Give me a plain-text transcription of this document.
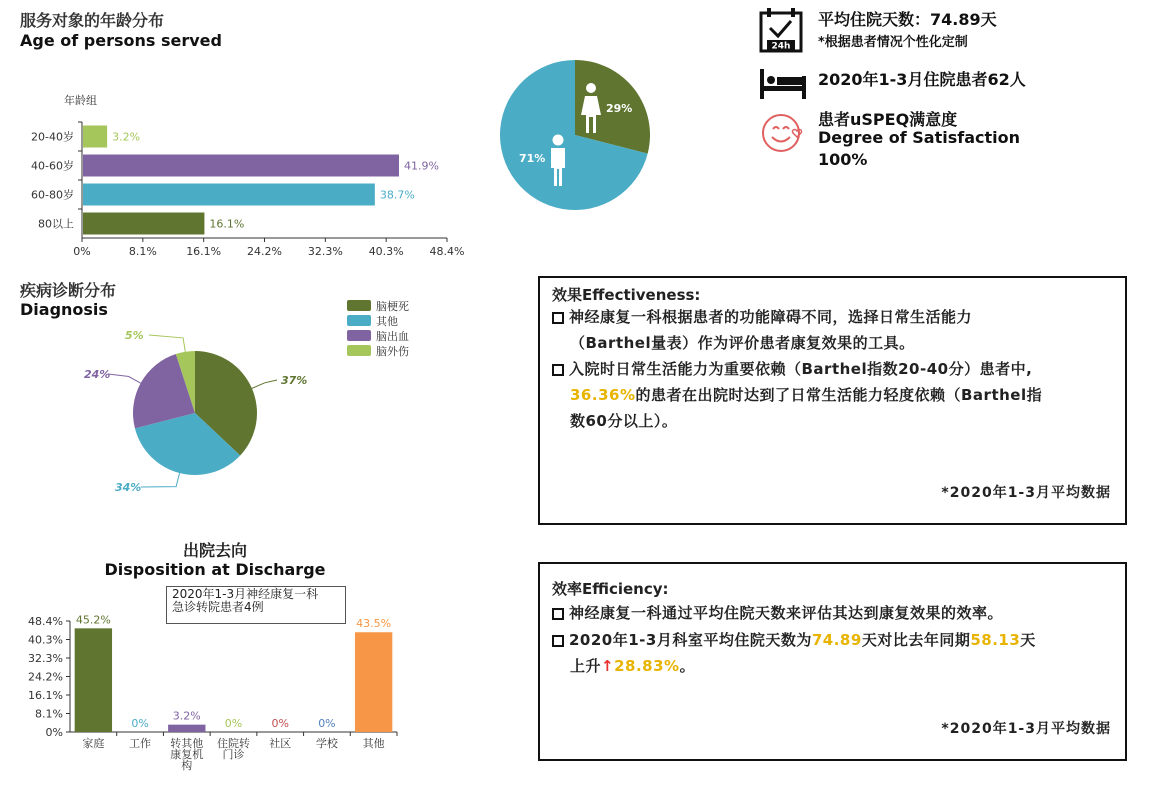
服务对象的年龄分布
Age of persons served
年龄组
20-40岁	3.2%
40-60岁	41.9%
60-80岁	38.7%
80以上	16.1%
0%	8.1%	16.1% 24.2% 32.3% 40.3% 48.4%
29%
71%
24h
平均住院天数：74.89天
*根据患者情况个性化定制
2020年1-3月住院患者62人
患者uSPEQ满意度
Degree of Satisfaction
100%
疾病诊断分布
Diagnosis
37%
34%
24%
5%
脑梗死
其他
脑出血
脑外伤
出院去向
Disposition at Discharge
2020年1-3月神经康复一科
急诊转院患者4例
0%
8.1%
16.1%
24.2%
32.3%
40.3%
48.4% 45.2%
家庭
0%
工作
3.2%
转其他
康复机
构
0%
住院转
门诊
0%
社区
0%
学校
43.5%
其他
效果Effectiveness:
神经康复一科根据患者的功能障碍不同，选择日常生活能力
（Barthel量表）作为评价患者康复效果的工具。
入院时日常生活能力为重要依赖（Barthel指数20-40分）患者中,
36.36%的患者在出院时达到了日常生活能力轻度依赖（Barthel指
数60分以上）。
*2020年1-3月平均数据
效率Efficiency:
神经康复一科通过平均住院天数来评估其达到康复效果的效率。
2020年1-3月科室平均住院天数为74.89天对比去年同期58.13天
上升↑28.83%。
*2020年1-3月平均数据
